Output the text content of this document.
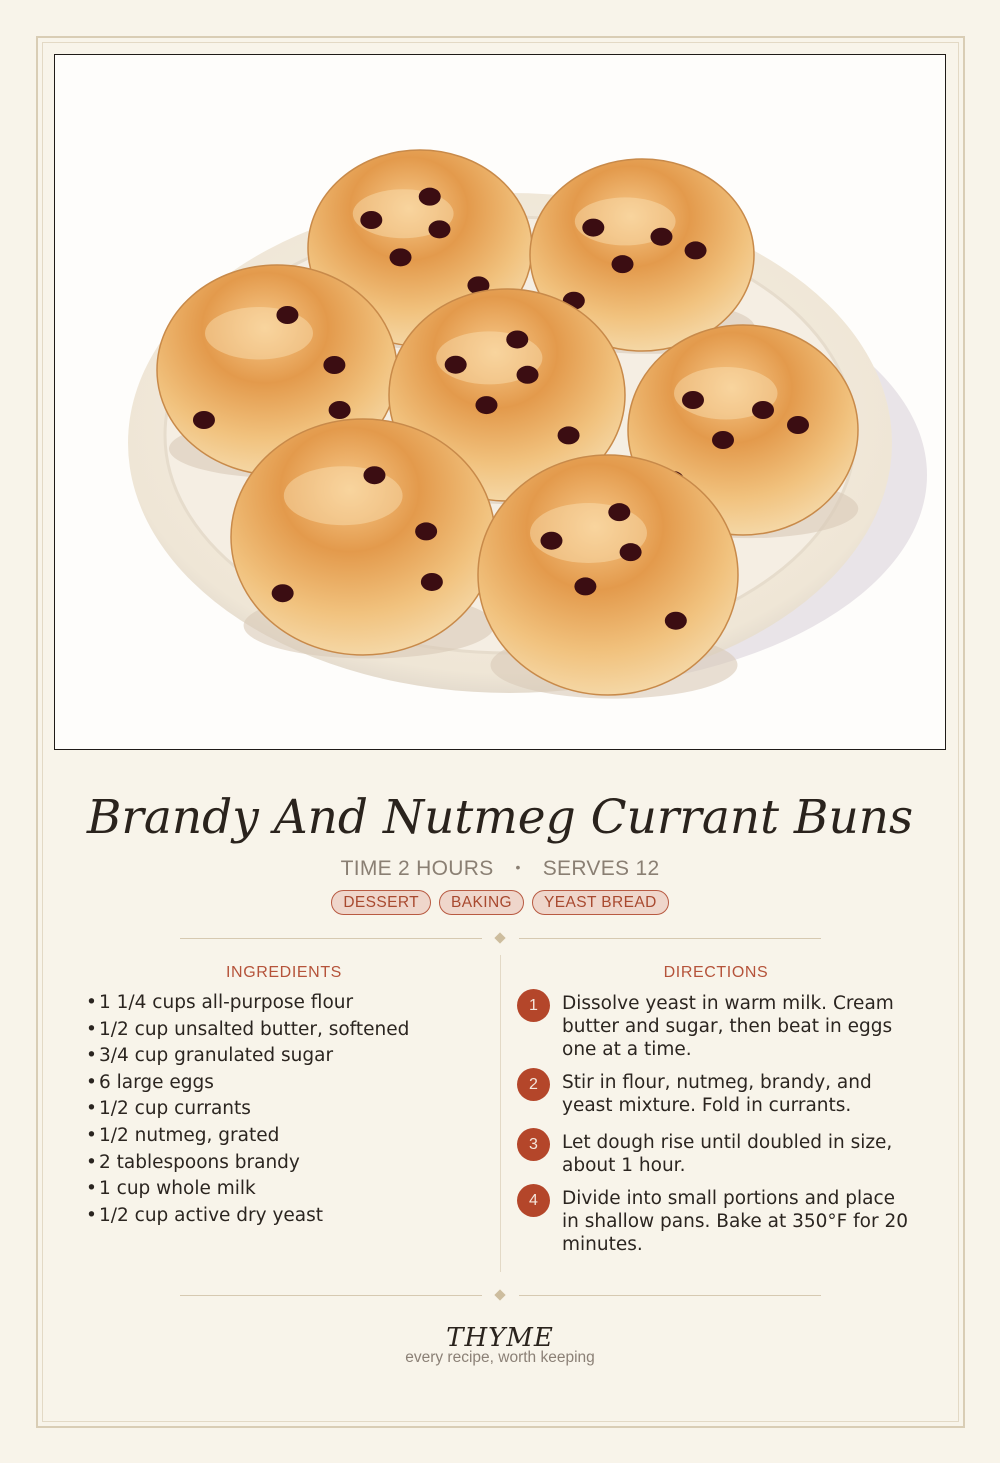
Brandy And Nutmeg Currant Buns
TIME 2 HOURS • SERVES 12
DESSERT	BAKING	YEAST BREAD
INGREDIENTS
• 1 1/4 cups all-purpose flour
• 1/2 cup unsalted butter, softened
• 3/4 cup granulated sugar
• 6 large eggs
• 1/2 cup currants
• 1/2 nutmeg, grated
• 2 tablespoons brandy
• 1 cup whole milk
• 1/2 cup active dry yeast
DIRECTIONS
1	Dissolve yeast in warm milk. Cream butter and sugar, then beat in eggs one at a time.
2	Stir in flour, nutmeg, brandy, and yeast mixture. Fold in currants.
3	Let dough rise until doubled in size, about 1 hour.
4	Divide into small portions and place in shallow pans. Bake at 350°F for 20 minutes.
THYME
every recipe, worth keeping
